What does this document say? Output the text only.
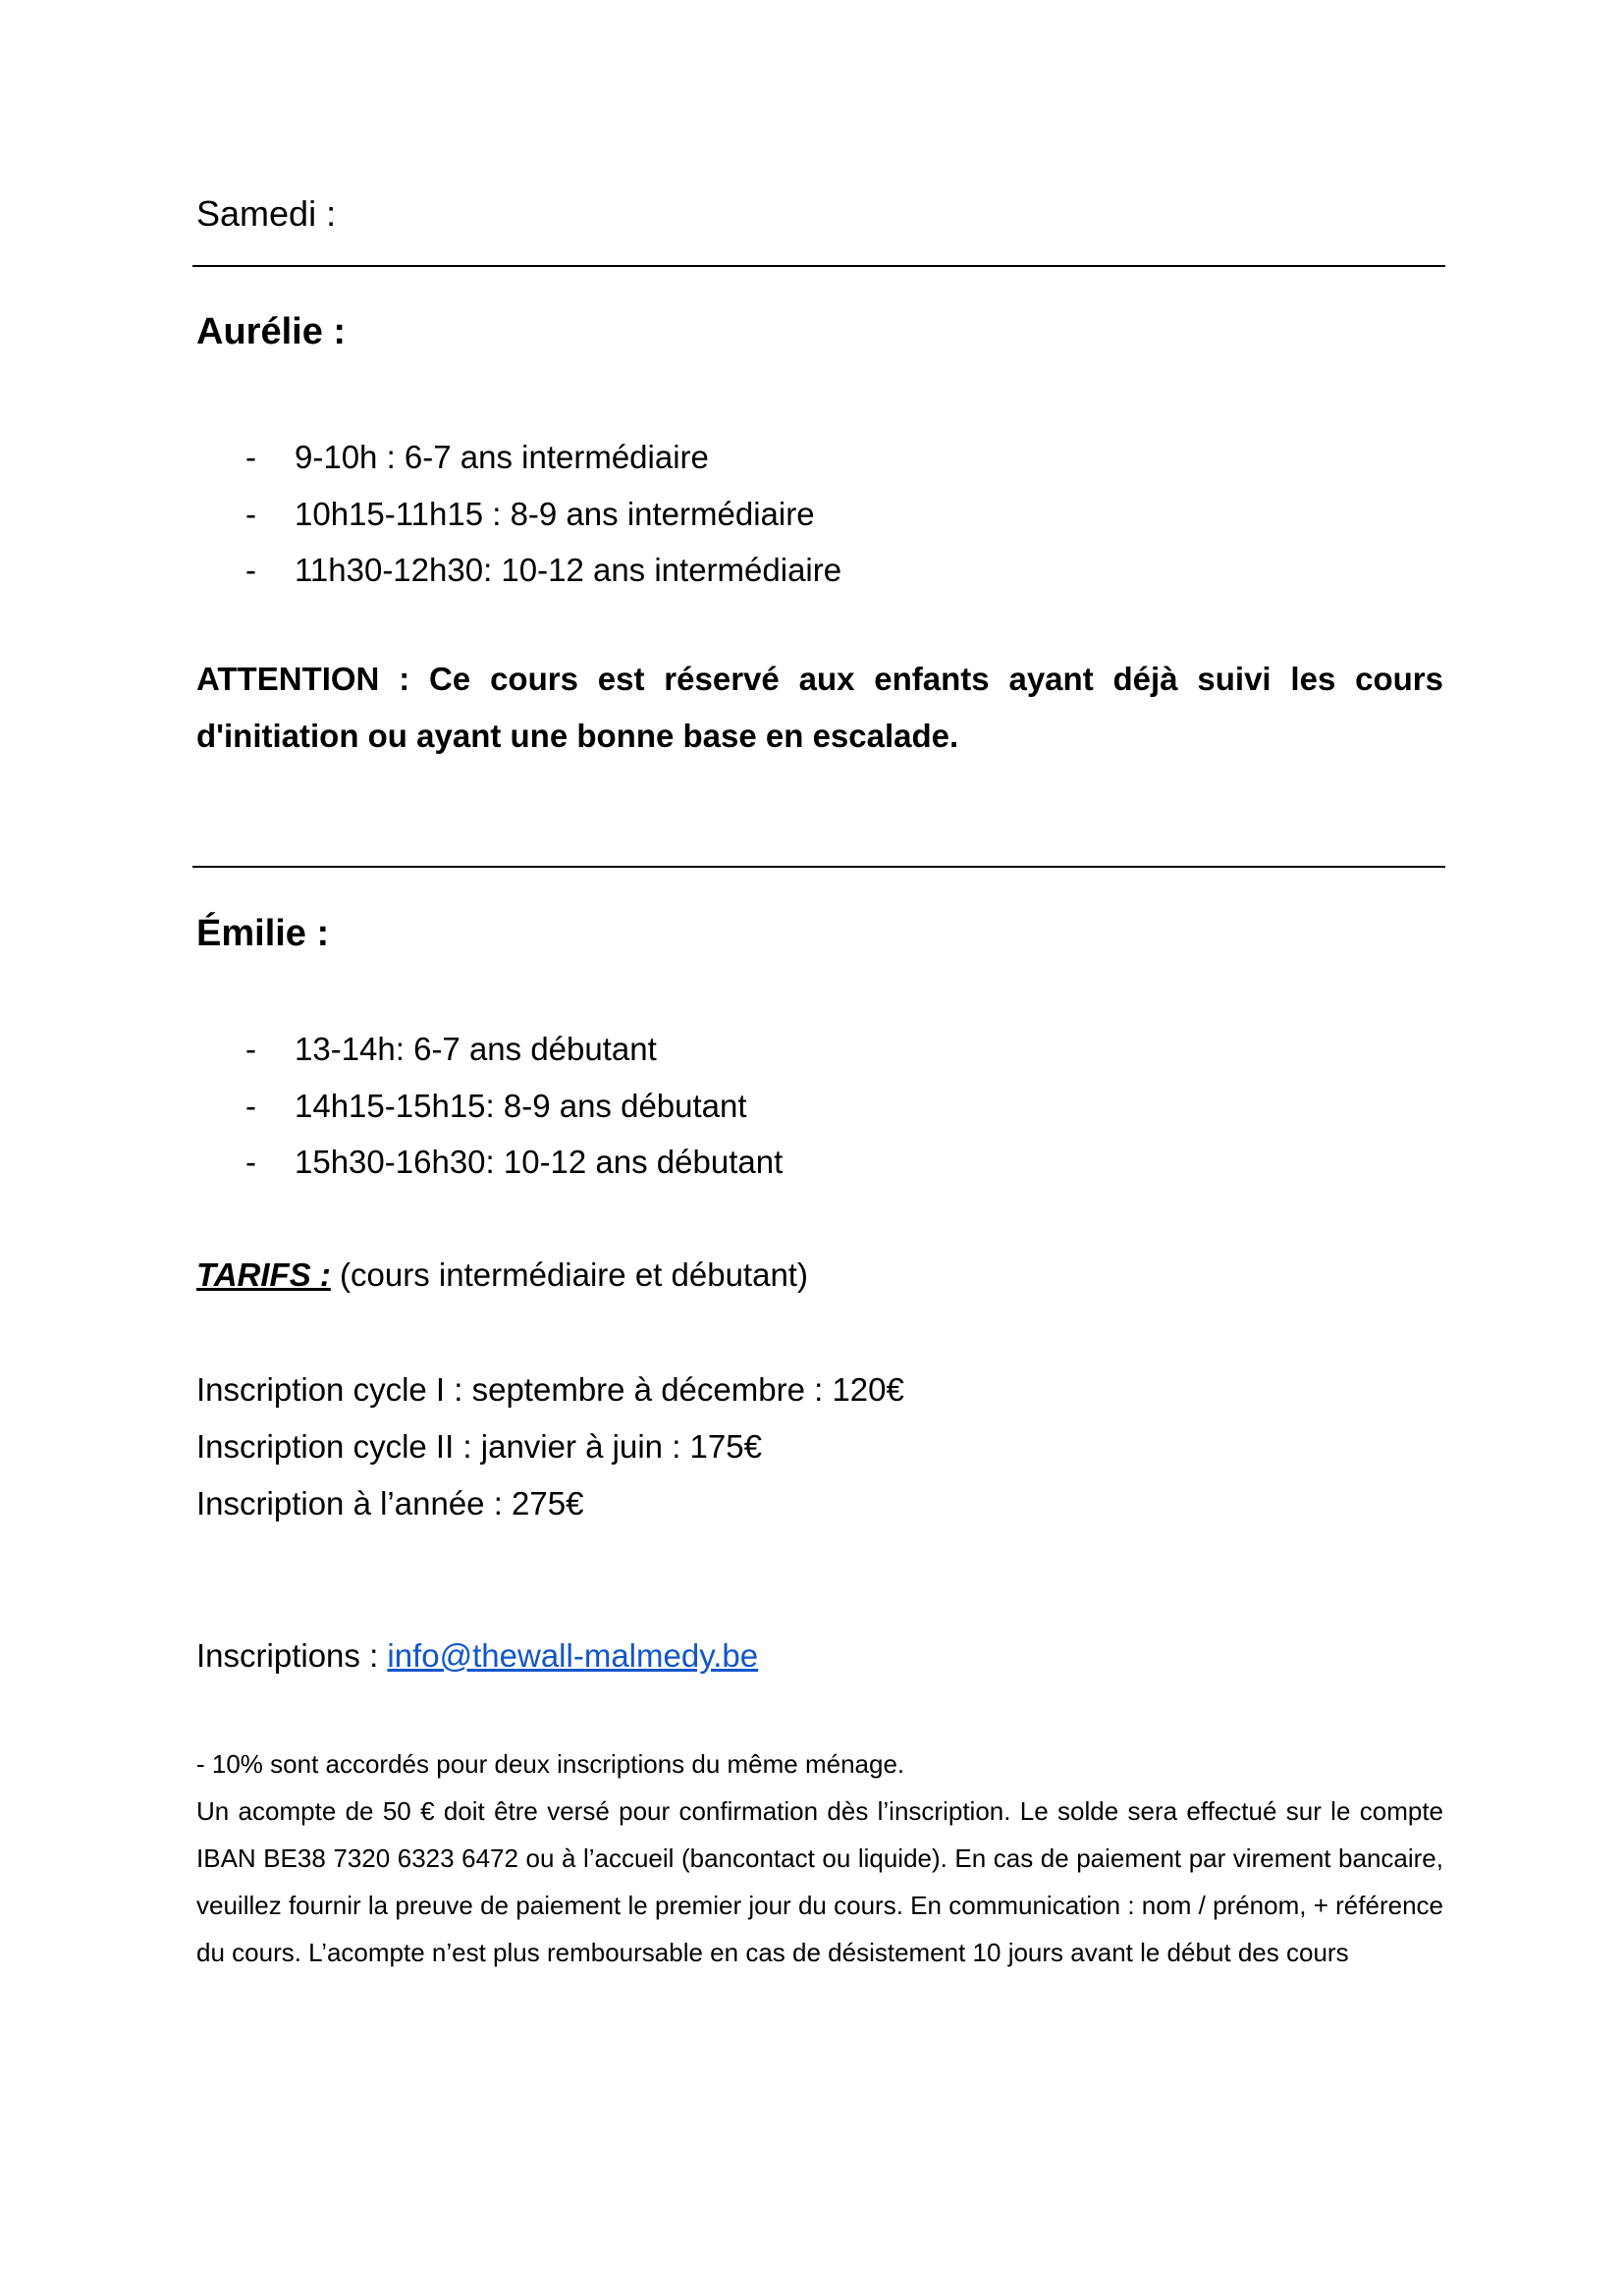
Samedi :
Aurélie :
- 9-10h : 6-7 ans intermédiaire
- 10h15-11h15 : 8-9 ans intermédiaire
- 11h30-12h30: 10-12 ans intermédiaire
ATTENTION : Ce cours est réservé aux enfants ayant déjà suivi les cours d'initiation ou ayant une bonne base en escalade.
Émilie :
- 13-14h: 6-7 ans débutant
- 14h15-15h15: 8-9 ans débutant
- 15h30-16h30: 10-12 ans débutant
TARIFS : (cours intermédiaire et débutant)
Inscription cycle I : septembre à décembre : 120€
Inscription cycle II : janvier à juin : 175€
Inscription à l’année : 275€
Inscriptions : info@thewall-malmedy.be

- 10% sont accordés pour deux inscriptions du même ménage.

Un acompte de 50 € doit être versé pour confirmation dès l’inscription. Le solde sera effectué sur le compte IBAN BE38 7320 6323 6472 ou à l’accueil (bancontact ou liquide). En cas de paiement par virement bancaire, veuillez fournir la preuve de paiement le premier jour du cours. En communication : nom / prénom, + référence du cours. L’acompte n’est plus remboursable en cas de désistement 10 jours avant le début des cours
